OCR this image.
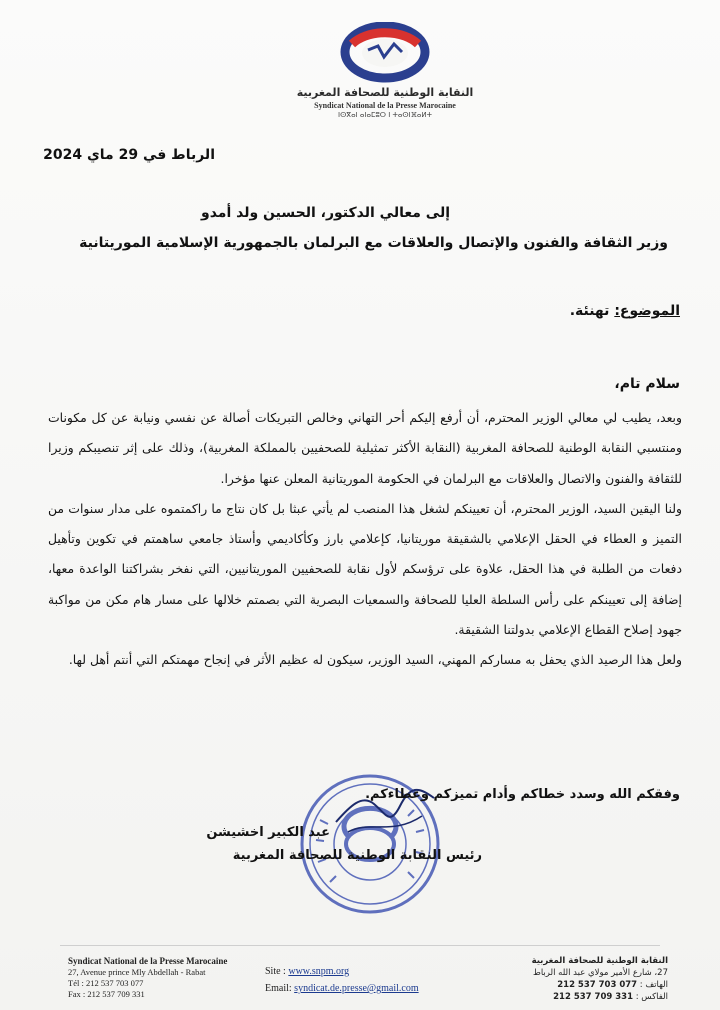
النقابة الوطنية للصحافة المغربية
Syndicat National de la Presse Marocaine
ⵏⵙⴳⴰⵏ ⴰⵏⴰⵎⵓⵔ ⵏ ⵜⴰⵙⵏⴼⴰⵍⵜ
الرباط في 29 ماي 2024
إلى معالي الدكتور، الحسين ولد أمدو
وزير الثقافة والفنون والإتصال والعلاقات مع البرلمان بالجمهورية الإسلامية الموريتانية
الموضوع: تهنئة.
سلام تام،

وبعد، يطيب لي معالي الوزير المحترم، أن أرفع إليكم أحر التهاني وخالص التبريكات أصالة عن نفسي ونيابة عن كل مكونات ومنتسبي النقابة الوطنية للصحافة المغربية (النقابة الأكثر تمثيلية للصحفيين بالمملكة المغربية)، وذلك على إثر تنصيبكم وزيرا للثقافة والفنون والاتصال والعلاقات مع البرلمان في الحكومة الموريتانية المعلن عنها مؤخرا.

ولنا اليقين السيد، الوزير المحترم، أن تعيينكم لشغل هذا المنصب لم يأتي عبثا بل كان نتاج ما راكمتموه على مدار سنوات من التميز و العطاء في الحقل الإعلامي بالشقيقة موريتانيا، كإعلامي بارز وكأكاديمي وأستاذ جامعي ساهمتم في تكوين وتأهيل دفعات من الطلبة في هذا الحقل، علاوة على ترؤسكم لأول نقابة للصحفيين الموريتانيين، التي نفخر بشراكتنا الواعدة معها، إضافة إلى تعيينكم على رأس السلطة العليا للصحافة والسمعيات البصرية التي بصمتم خلالها على مسار هام مكن من مواكبة جهود إصلاح القطاع الإعلامي بدولتنا الشقيقة.

ولعل هذا الرصيد الذي يحفل به مساركم المهني، السيد الوزير، سيكون له عظيم الأثر في إنجاح مهمتكم التي أنتم أهل لها.

وفقكم الله وسدد خطاكم وأدام تميزكم وعطاءكم.
عبد الكبير اخشيشن
رئيس النقابة الوطنية للصحافة المغربية
Syndicat National de la Presse Marocaine
27, Avenue prince Mly Abdellah - Rabat
Tél : 212 537 703 077
Fax : 212 537 709 331
Site : www.snpm.org
Email: syndicat.de.presse@gmail.com
النقابة الوطنية للصحافة المغربية
27، شارع الأمير مولاي عبد الله الرباط
الهاتف : 212 537 703 077
الفاكس : 212 537 709 331
